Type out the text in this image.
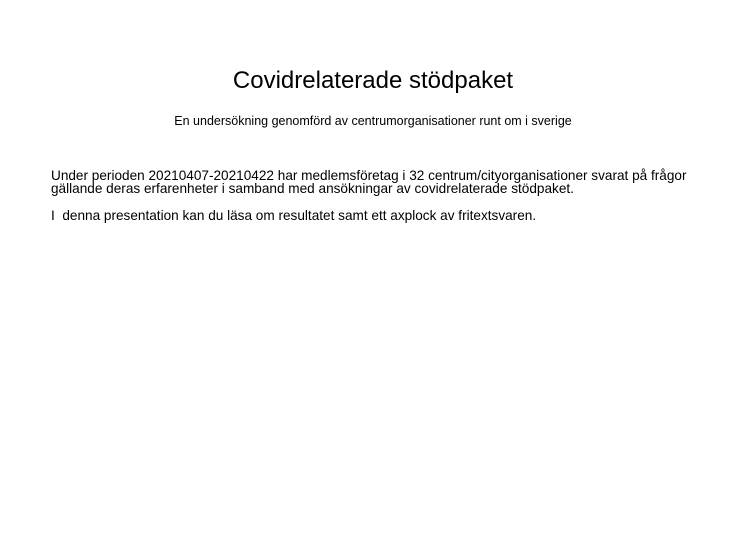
Covidrelaterade stödpaket
En undersökning genomförd av centrumorganisationer runt om i sverige

Under perioden 20210407-20210422 har medlemsföretag i 32 centrum/cityorganisationer svarat på frågor gällande deras erfarenheter i samband med ansökningar av covidrelaterade stödpaket.

I  denna presentation kan du läsa om resultatet samt ett axplock av fritextsvaren.
